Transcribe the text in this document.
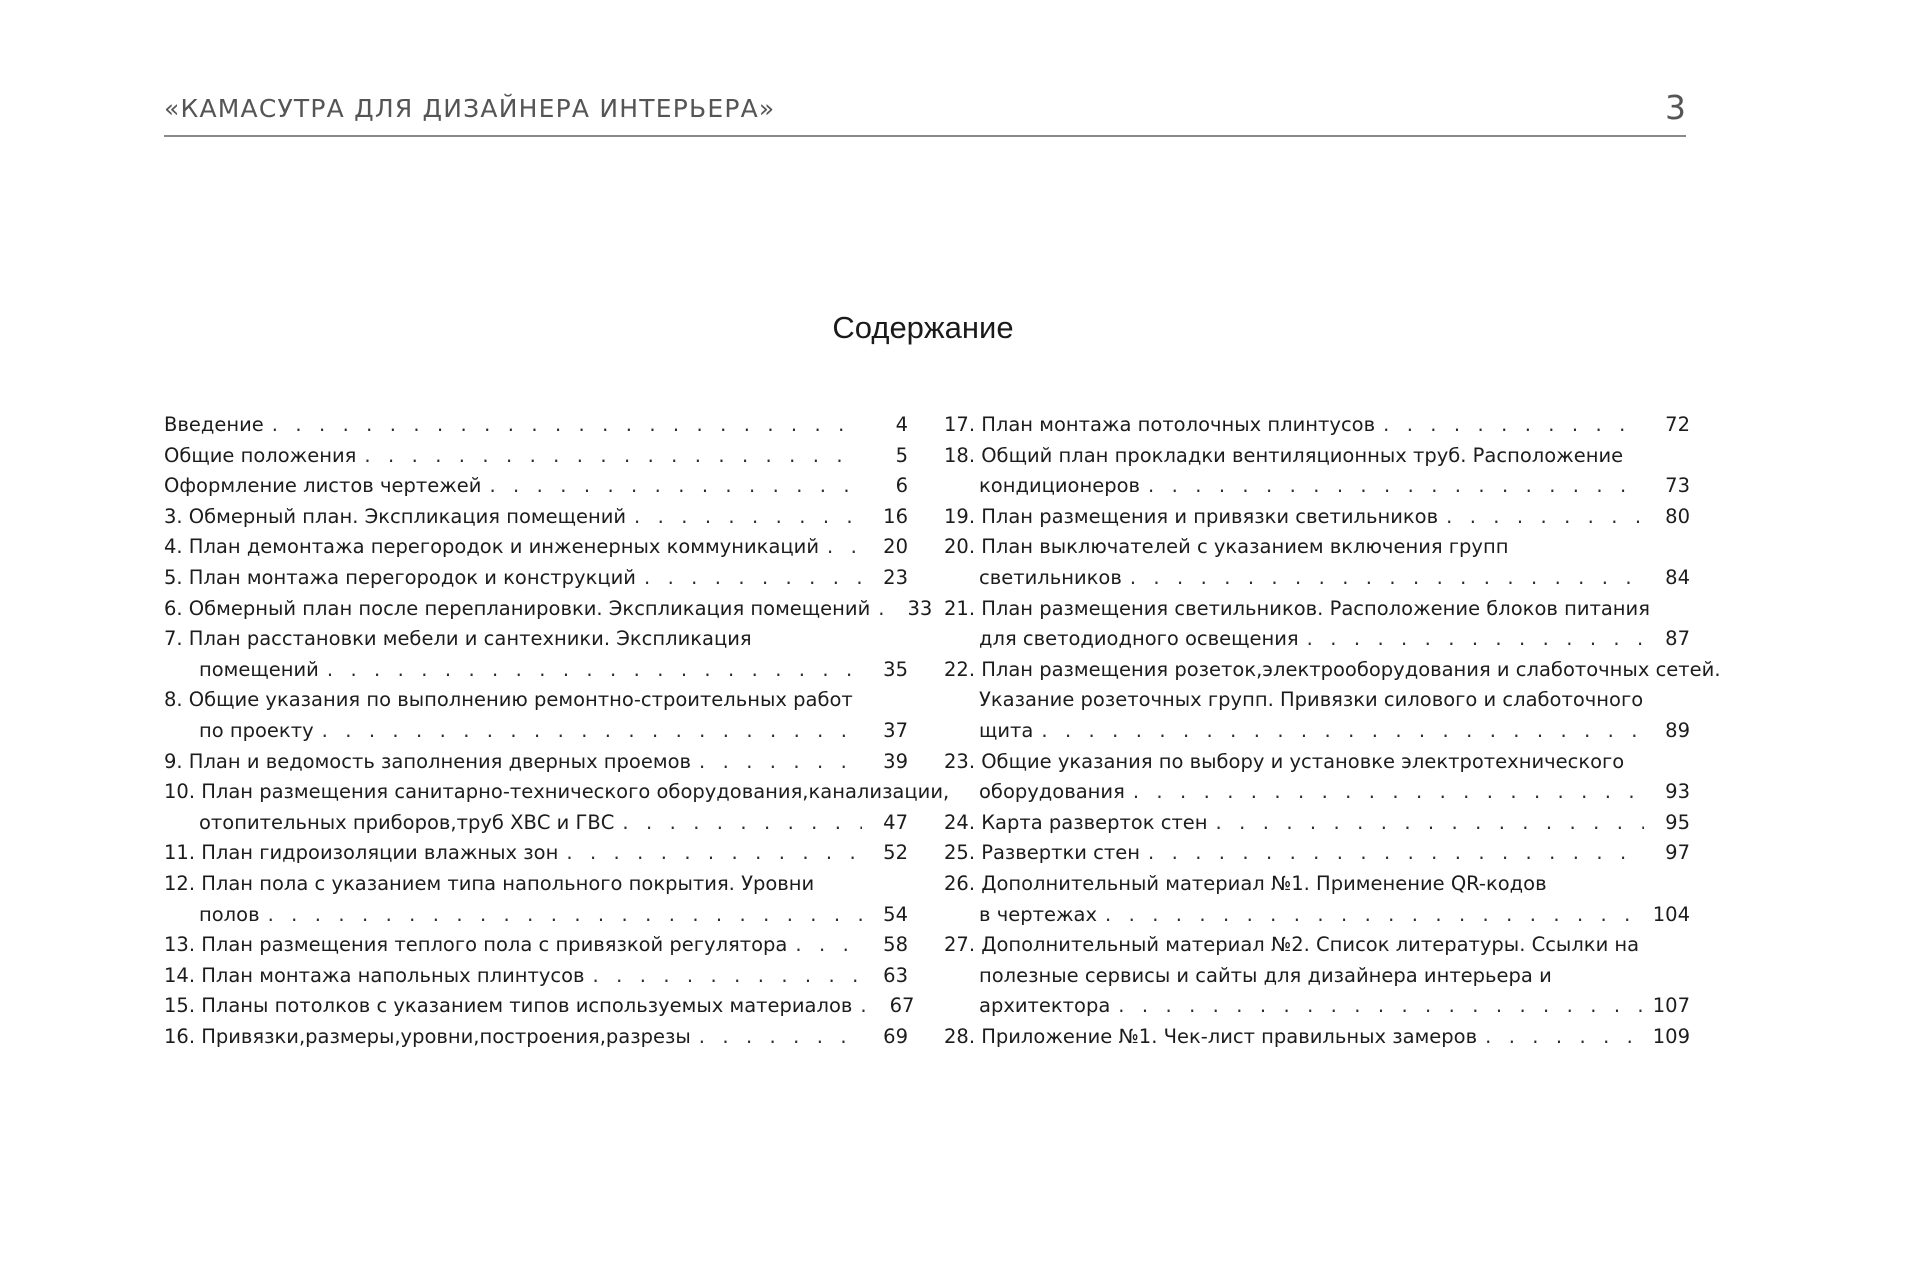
«КАМАСУТРА ДЛЯ ДИЗАЙНЕРА ИНТЕРЬЕРА»	3
Содержание
Введение . . .	4
Общие положения . . .	5
Оформление листов чертежей . . .	6
3. Обмерный план. Экспликация помещений . . .	16
4. План демонтажа перегородок и инженерных коммуникаций . . .	20
5. План монтажа перегородок и конструкций . . .	23
6. Обмерный план после перепланировки. Экспликация помещений . . .	33
7. План расстановки мебели и сантехники. Экспликация
помещений . . .	35
8. Общие указания по выполнению ремонтно-строительных работ
по проекту . . .	37
9. План и ведомость заполнения дверных проемов . . .	39
10. План размещения санитарно-технического оборудования,канализации,
отопительных приборов,труб ХВС и ГВС . . .	47
11. План гидроизоляции влажных зон . . .	52
12. План пола с указанием типа напольного покрытия. Уровни
полов . . .	54
13. План размещения теплого пола с привязкой регулятора . . .	58
14. План монтажа напольных плинтусов . . .	63
15. Планы потолков с указанием типов используемых материалов . . .	67
16. Привязки,размеры,уровни,построения,разрезы . . .	69
17. План монтажа потолочных плинтусов . . .	72
18. Общий план прокладки вентиляционных труб. Расположение
кондиционеров . . .	73
19. План размещения и привязки светильников . . .	80
20. План выключателей с указанием включения групп
светильников . . .	84
21. План размещения светильников. Расположение блоков питания
для светодиодного освещения . . .	87
22. План размещения розеток,электрооборудования и слаботочных сетей.
Указание розеточных групп. Привязки силового и слаботочного
щита . . .	89
23. Общие указания по выбору и установке электротехнического
оборудования . . .	93
24. Карта разверток стен . . .	95
25. Развертки стен . . .	97
26. Дополнительный материал №1. Применение QR-кодов
в чертежах . . .	104
27. Дополнительный материал №2. Список литературы. Ссылки на
полезные сервисы и сайты для дизайнера интерьера и
архитектора . . .	107
28. Приложение №1. Чек-лист правильных замеров . . .	109
